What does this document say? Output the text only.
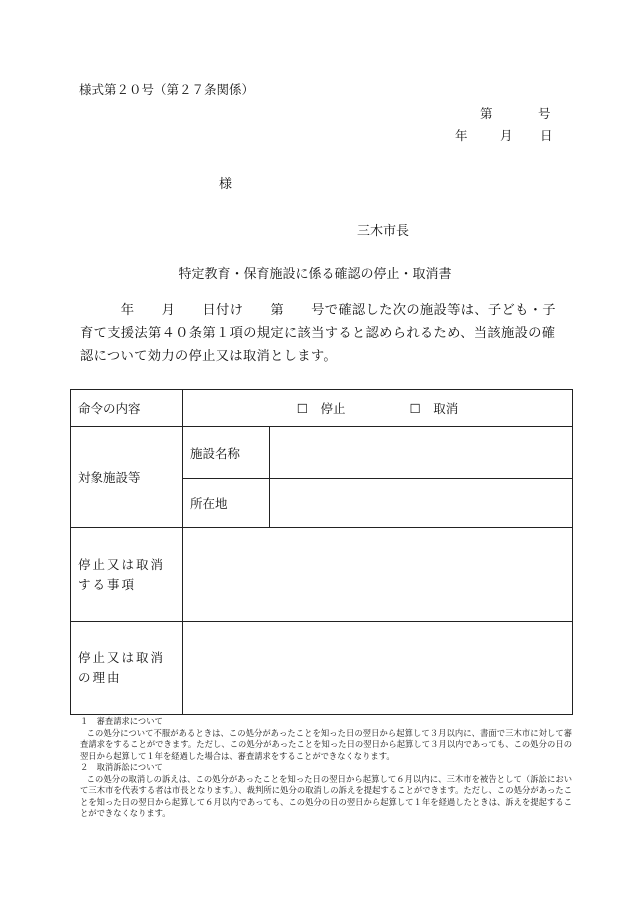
様式第２０号（第２７条関係）
第	号
年	月 日
様
三木市長
特定教育・保育施設に係る確認の停止・取消書
　　　年　　月　　日付け　　第　　号で確認した次の施設等は、子ども・子
育て支援法第４０条第１項の規定に該当すると認められるため、当該施設の確
認について効力の停止又は取消とします。
命令の内容	☐　停止 ☐　取消	
対象施設等	施設名称	
	所在地	
停止又は取消する事項		
停止又は取消の理由		
１　審査請求について
この処分について不服があるときは、この処分があったことを知った日の翌日から起算して３月以内に、書面で三木市に対して審査請求をすることができます。ただし、この処分があったことを知った日の翌日から起算して３月以内であっても、この処分の日の翌日から起算して１年を経過した場合は、審査請求をすることができなくなります。
２　取消訴訟について
この処分の取消しの訴えは、この処分があったことを知った日の翌日から起算して６月以内に、三木市を被告として（訴訟において三木市を代表する者は市長となります。）、裁判所に処分の取消しの訴えを提起することができます。ただし、この処分があったことを知った日の翌日から起算して６月以内であっても、この処分の日の翌日から起算して１年を経過したときは、訴えを提起することができなくなります。
